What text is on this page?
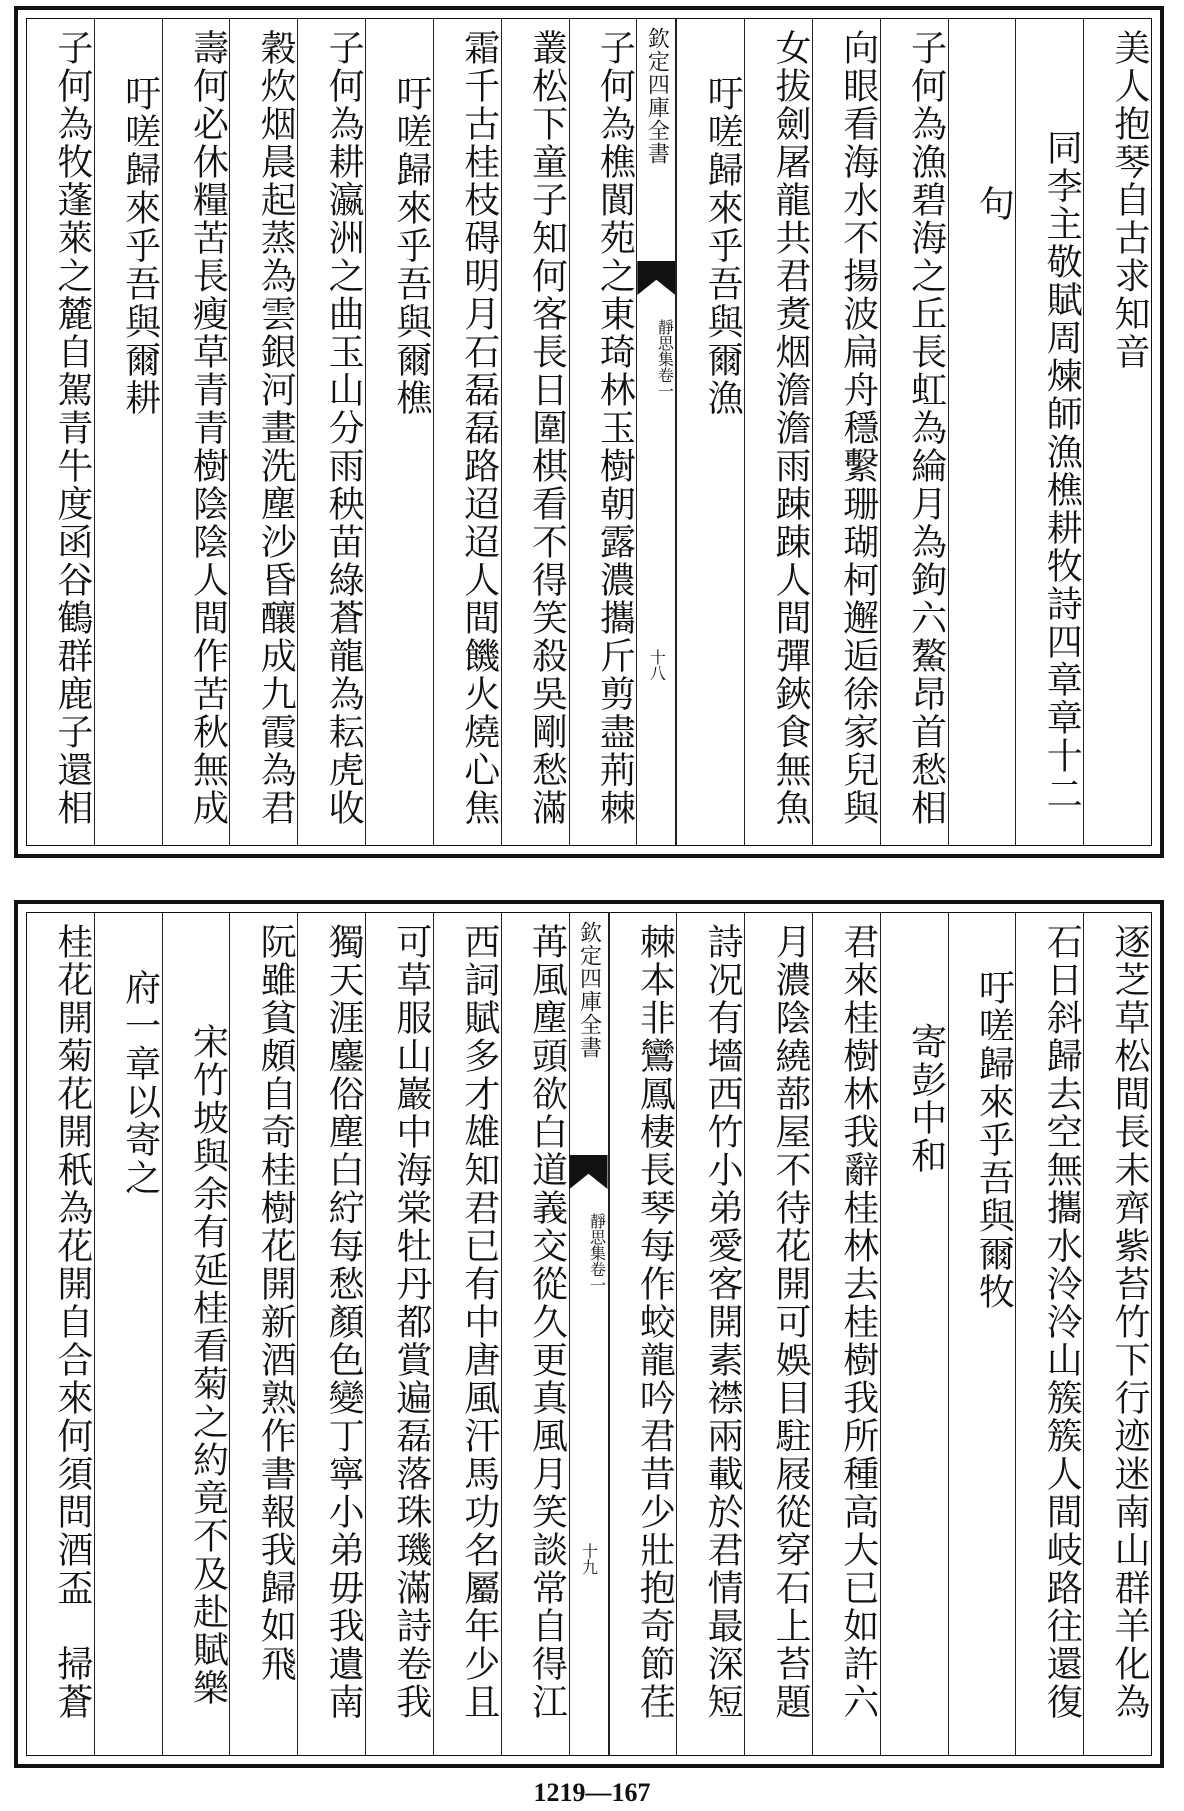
美人抱琴自古求知音
同李主敬賦周煉師漁樵耕牧詩四章章十二
句
子何為漁碧海之丘長虹為綸月為鉤六鰲昂首愁相
向眼看海水不揚波扁舟穩繫珊瑚柯邂逅徐家兒與
女拔劍屠龍共君煑烟澹澹雨踈踈人間彈鋏食無魚
吁嗟歸來乎吾與爾漁
欽定四庫全書
靜思集卷一
十八
子何為樵閬苑之東琦林玉樹朝露濃攜斤剪盡荊棘
叢松下童子知何客長日圍棋看不得笑殺吳剛愁滿
霜千古桂枝碍明月石磊磊路迢迢人間饑火燒心焦
吁嗟歸來乎吾與爾樵
子何為耕瀛洲之曲玉山分雨秧苗綠蒼龍為耘虎收
穀炊烟晨起蒸為雲銀河畫洗塵沙昏釀成九霞為君
壽何必休糧苦長瘦草青青樹陰陰人間作苦秋無成
吁嗟歸來乎吾與爾耕
子何為牧蓬萊之麓自駕青牛度函谷鶴群鹿子還相
逐芝草松間長未齊紫苔竹下行迹迷南山群羊化為
石日斜歸去空無攜水泠泠山簇簇人間岐路往還復
吁嗟歸來乎吾與爾牧
寄彭中和
君來桂樹林我辭桂林去桂樹我所種高大已如許六
月濃陰繞蔀屋不待花開可娛目駐屐從穿石上苔題
詩况有墻西竹小弟愛客開素襟兩載於君情最深短
棘本非鸞鳳棲長琴每作蛟龍吟君昔少壯抱奇節荏
欽定四庫全書
靜思集卷一
十九
苒風塵頭欲白道義交從久更真風月笑談常自得江
西詞賦多才雄知君已有中唐風汗馬功名屬年少且
可草服山巖中海棠牡丹都賞遍磊落珠璣滿詩卷我
獨天涯鏖俗塵白紵每愁顏色變丁寧小弟毋我遺南
阮雖貧頗自奇桂樹花開新酒熟作書報我歸如飛
宋竹坡與余有延桂看菊之約竟不及赴賦樂
府一章以寄之
桂花開菊花開秖為花開自合來何須問酒盃　掃蒼
1219—167
